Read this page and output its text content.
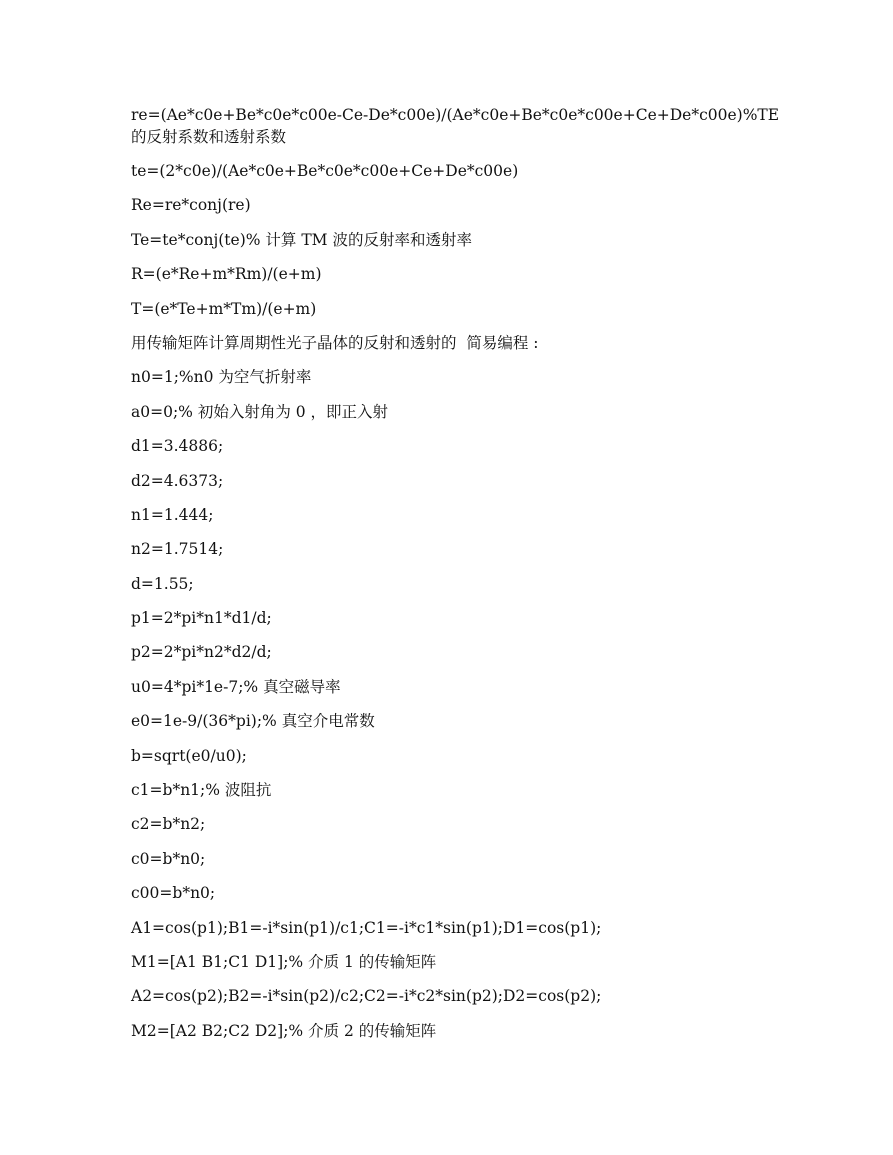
re=(Ae*c0e+Be*c0e*c00e-Ce-De*c00e)/(Ae*c0e+Be*c0e*c00e+Ce+De*c00e)%TE 的反射系数和透射系数
te=(2*c0e)/(Ae*c0e+Be*c0e*c00e+Ce+De*c00e)
Re=re*conj(re)
Te=te*conj(te)% 计算 TM 波的反射率和透射率
R=(e*Re+m*Rm)/(e+m)
T=(e*Te+m*Tm)/(e+m)
用传输矩阵计算周期性光子晶体的反射和透射的  简易编程 :
n0=1;%n0 为空气折射率
a0=0;% 初始入射角为 0 ，即正入射
d1=3.4886;
d2=4.6373;
n1=1.444;
n2=1.7514;
d=1.55;
p1=2*pi*n1*d1/d;
p2=2*pi*n2*d2/d;
u0=4*pi*1e-7;% 真空磁导率
e0=1e-9/(36*pi);% 真空介电常数
b=sqrt(e0/u0);
c1=b*n1;% 波阻抗
c2=b*n2;
c0=b*n0;
c00=b*n0;
A1=cos(p1);B1=-i*sin(p1)/c1;C1=-i*c1*sin(p1);D1=cos(p1);
M1=[A1 B1;C1 D1];% 介质 1 的传输矩阵
A2=cos(p2);B2=-i*sin(p2)/c2;C2=-i*c2*sin(p2);D2=cos(p2);
M2=[A2 B2;C2 D2];% 介质 2 的传输矩阵
